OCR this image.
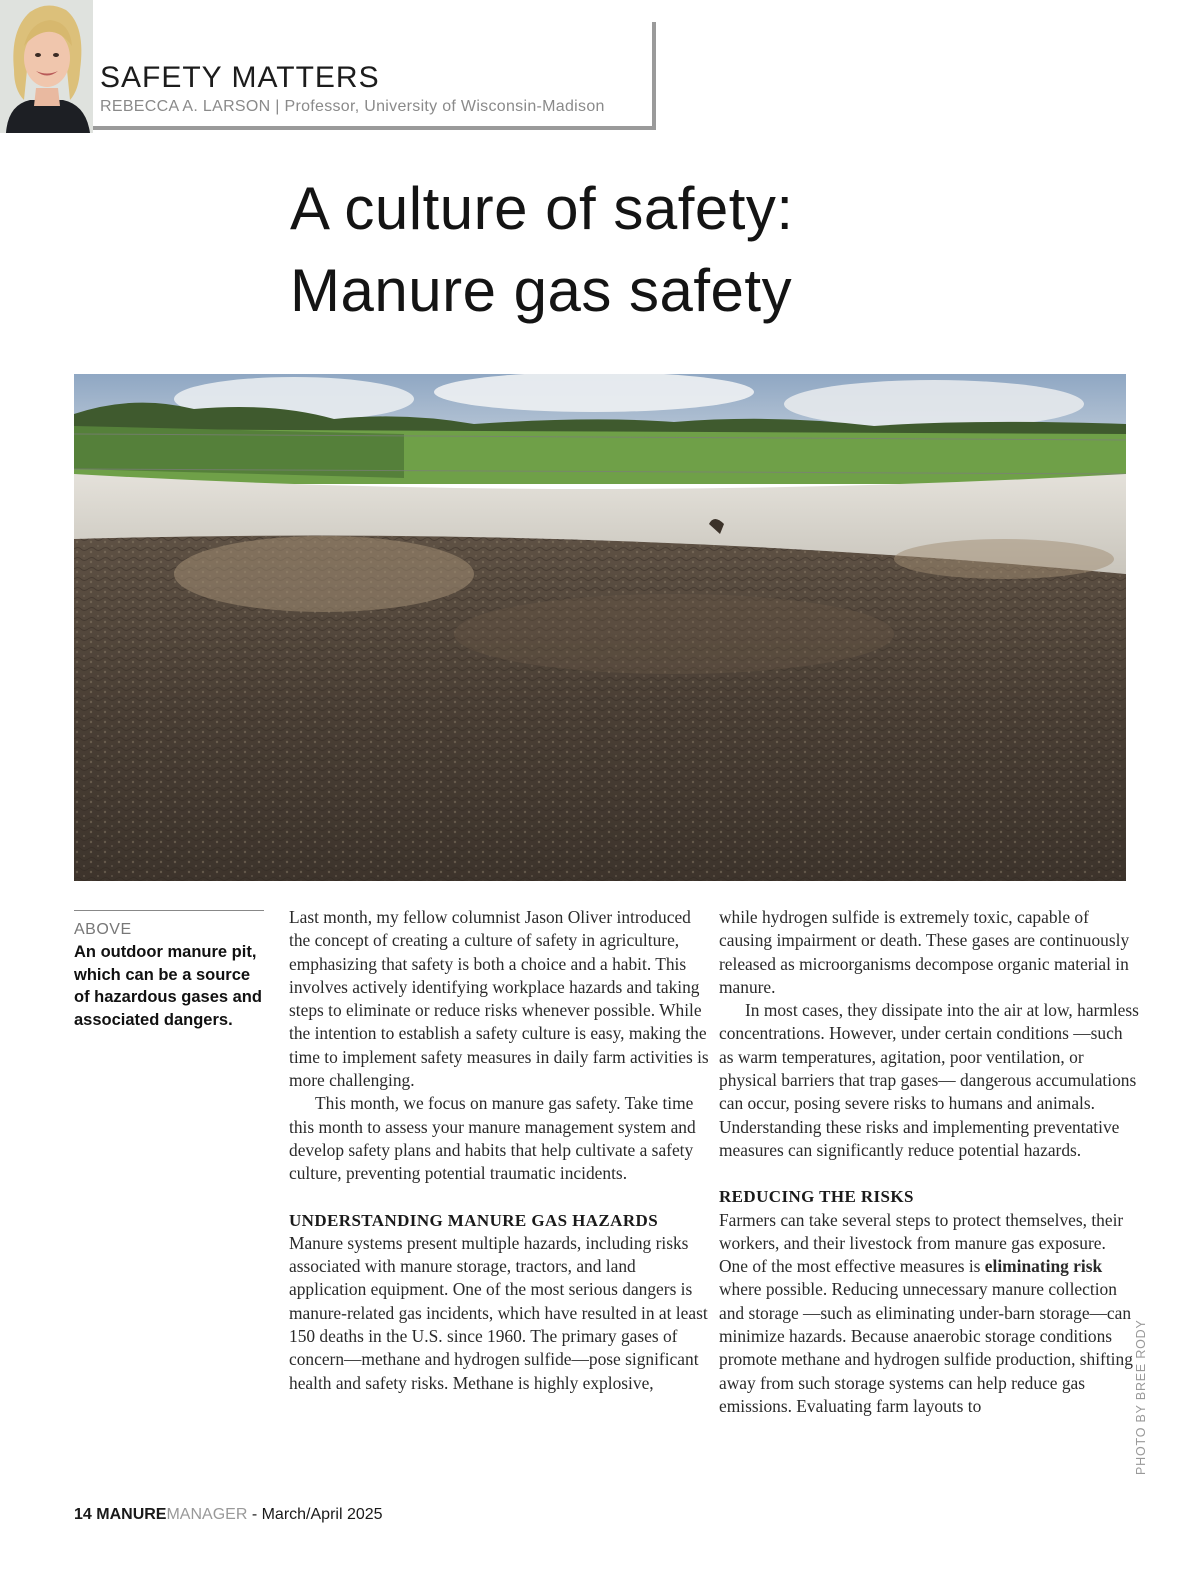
SAFETY MATTERS
REBECCA A. LARSON | Professor, University of Wisconsin-Madison
A culture of safety:
Manure gas safety
ABOVE
An outdoor manure pit, which can be a source of hazardous gases and associated dangers.

Last month, my fellow columnist Jason Oliver introduced the concept of creating a culture of safety in agriculture, emphasizing that safety is both a choice and a habit. This involves actively identifying workplace hazards and taking steps to eliminate or reduce risks whenever possible. While the intention to establish a safety culture is easy, making the time to implement safety measures in daily farm activities is more challenging.

This month, we focus on manure gas safety. Take time this month to assess your manure management system and develop safety plans and habits that help cultivate a safety culture, preventing potential traumatic incidents.

UNDERSTANDING MANURE GAS HAZARDS

Manure systems present multiple hazards, including risks associated with manure storage, tractors, and land application equipment. One of the most serious dangers is manure-related gas incidents, which have resulted in at least 150 deaths in the U.S. since 1960. The primary gases of concern—methane and hydrogen sulfide—pose significant health and safety risks. Methane is highly explosive,

while hydrogen sulfide is extremely toxic, capable of causing impairment or death. These gases are continuously released as microorganisms decompose organic material in manure.

In most cases, they dissipate into the air at low, harmless concentrations. However, under certain conditions —such as warm temperatures, agitation, poor ventilation, or physical barriers that trap gases— dangerous accumulations can occur, posing severe risks to humans and animals. Understanding these risks and implementing preventative measures can significantly reduce potential hazards.

REDUCING THE RISKS

Farmers can take several steps to protect themselves, their workers, and their livestock from manure gas exposure. One of the most effective measures is eliminating risk where possible. Reducing unnecessary manure collection and storage —such as eliminating under-barn storage—can minimize hazards. Because anaerobic storage conditions promote methane and hydrogen sulfide production, shifting away from such storage systems can help reduce gas emissions. Evaluating farm layouts to	PHOTO BY BREE RODY
14 MANUREMANAGER - March/April 2025
